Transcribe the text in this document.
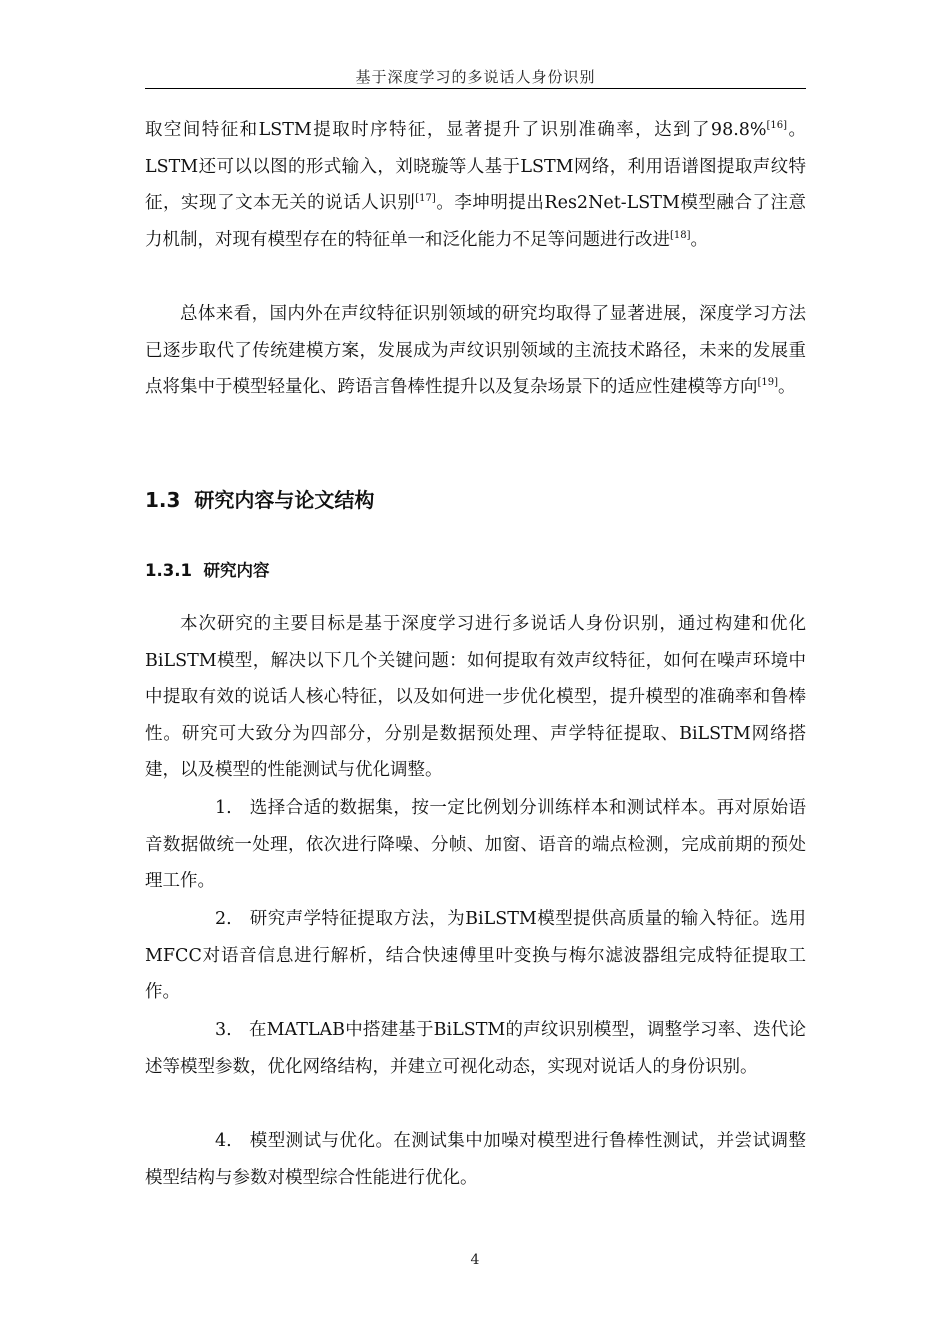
基于深度学习的多说话人身份识别

取空间特征和LSTM提取时序特征，显著提升了识别准确率，达到了98.8%[16]。LSTM还可以以图的形式输入，刘晓璇等人基于LSTM网络，利用语谱图提取声纹特征，实现了文本无关的说话人识别[17]。李坤明提出Res2Net-LSTM模型融合了注意力机制，对现有模型存在的特征单一和泛化能力不足等问题进行改进[18]。

总体来看，国内外在声纹特征识别领域的研究均取得了显著进展，深度学习方法已逐步取代了传统建模方案，发展成为声纹识别领域的主流技术路径，未来的发展重点将集中于模型轻量化、跨语言鲁棒性提升以及复杂场景下的适应性建模等方向[19]。

1.3 研究内容与论文结构
1.3.1 研究内容

本次研究的主要目标是基于深度学习进行多说话人身份识别，通过构建和优化BiLSTM模型，解决以下几个关键问题：如何提取有效声纹特征，如何在噪声环境中中提取有效的说话人核心特征，以及如何进一步优化模型，提升模型的准确率和鲁棒性。研究可大致分为四部分，分别是数据预处理、声学特征提取、BiLSTM网络搭建，以及模型的性能测试与优化调整。

1. 选择合适的数据集，按一定比例划分训练样本和测试样本。再对原始语音数据做统一处理，依次进行降噪、分帧、加窗、语音的端点检测，完成前期的预处理工作。

2. 研究声学特征提取方法，为BiLSTM模型提供高质量的输入特征。选用MFCC对语音信息进行解析，结合快速傅里叶变换与梅尔滤波器组完成特征提取工作。

3. 在MATLAB中搭建基于BiLSTM的声纹识别模型，调整学习率、迭代论述等模型参数，优化网络结构，并建立可视化动态，实现对说话人的身份识别。

4. 模型测试与优化。在测试集中加噪对模型进行鲁棒性测试，并尝试调整模型结构与参数对模型综合性能进行优化。

4
